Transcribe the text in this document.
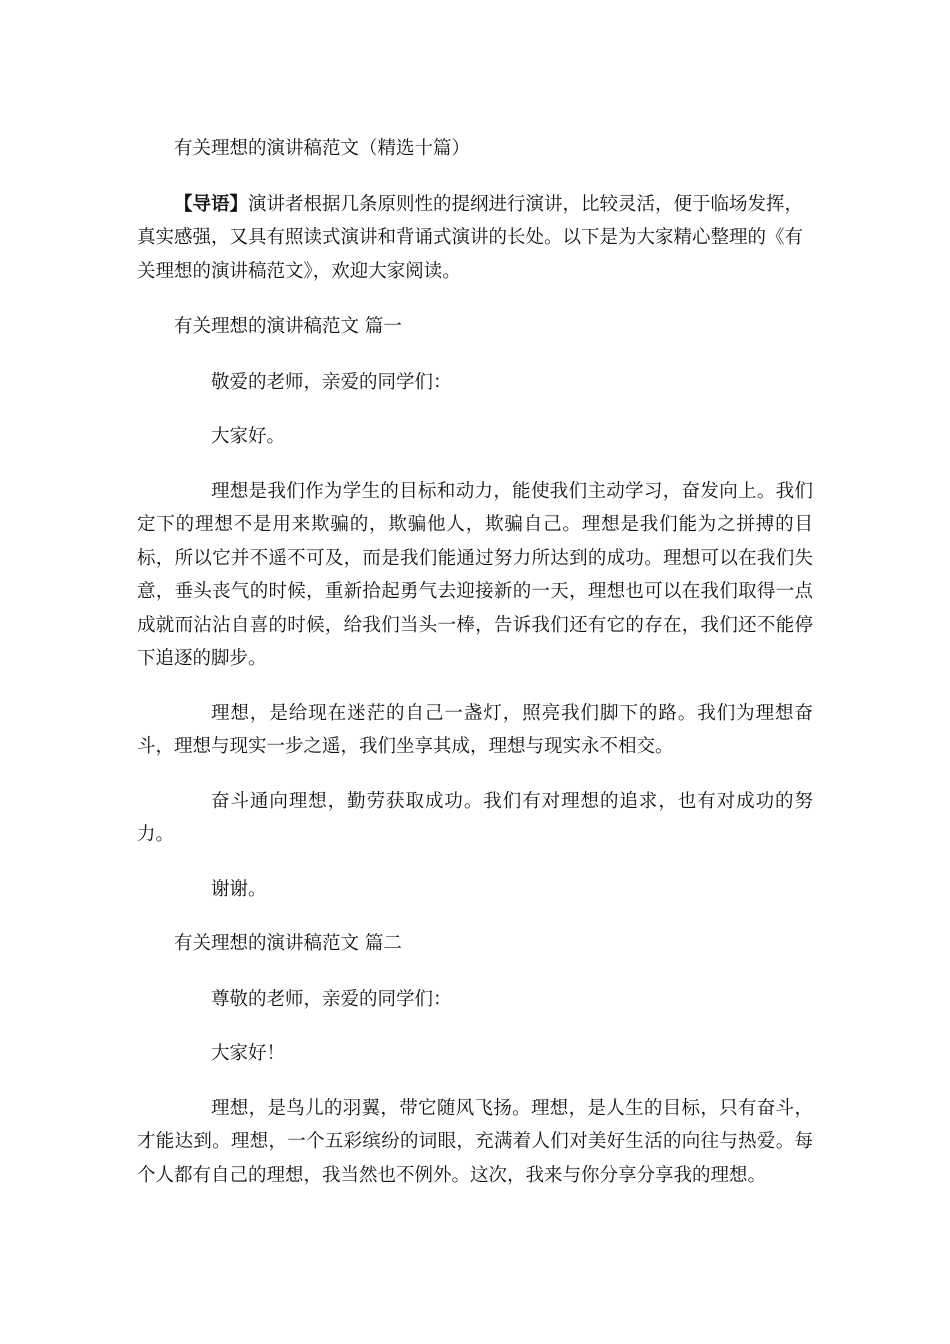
有关理想的演讲稿范文（精选十篇）

【导语】演讲者根据几条原则性的提纲进行演讲，比较灵活，便于临场发挥，真实感强，又具有照读式演讲和背诵式演讲的长处。以下是为大家精心整理的《有关理想的演讲稿范文》，欢迎大家阅读。

有关理想的演讲稿范文 篇一

敬爱的老师，亲爱的同学们：

大家好。

理想是我们作为学生的目标和动力，能使我们主动学习，奋发向上。我们定下的理想不是用来欺骗的，欺骗他人，欺骗自己。理想是我们能为之拼搏的目标，所以它并不遥不可及，而是我们能通过努力所达到的成功。理想可以在我们失意，垂头丧气的时候，重新拾起勇气去迎接新的一天，理想也可以在我们取得一点成就而沾沾自喜的时候，给我们当头一棒，告诉我们还有它的存在，我们还不能停下追逐的脚步。

理想，是给现在迷茫的自己一盏灯，照亮我们脚下的路。我们为理想奋斗，理想与现实一步之遥，我们坐享其成，理想与现实永不相交。

奋斗通向理想，勤劳获取成功。我们有对理想的追求，也有对成功的努力。

谢谢。

有关理想的演讲稿范文 篇二

尊敬的老师，亲爱的同学们：

大家好！

理想，是鸟儿的羽翼，带它随风飞扬。理想，是人生的目标，只有奋斗，才能达到。理想，一个五彩缤纷的词眼，充满着人们对美好生活的向往与热爱。每个人都有自己的理想，我当然也不例外。这次，我来与你分享分享我的理想。
